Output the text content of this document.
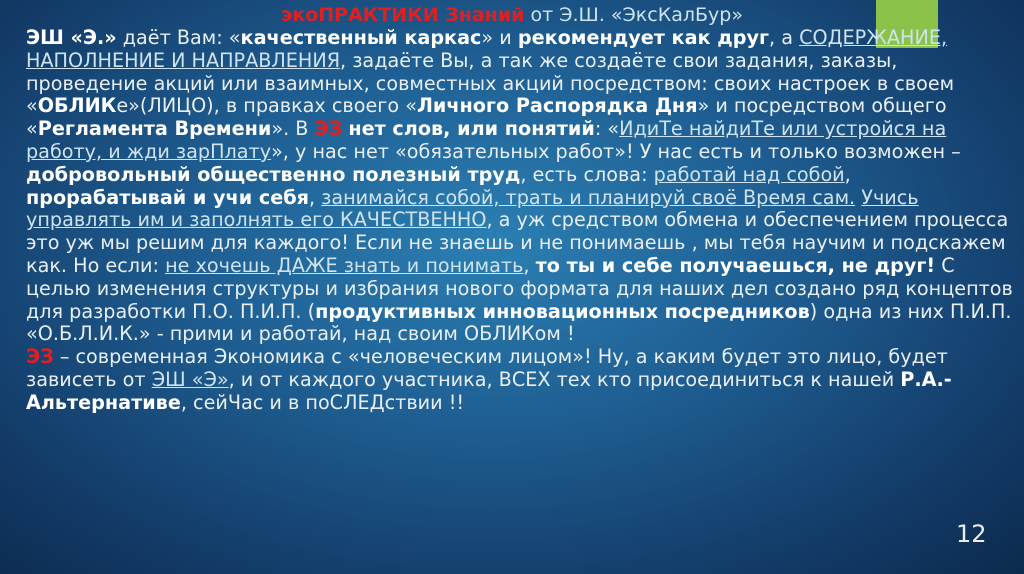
экоПРАКТИКИ Знаний от Э.Ш. «ЭксКалБур»

ЭШ «Э.» даёт Вам: «качественный каркас» и рекомендует как друг, а СОДЕРЖАНИЕ, НАПОЛНЕНИЕ И НАПРАВЛЕНИЯ, задаёте Вы, а так же создаёте свои задания, заказы, проведение акций или взаимных, совместных акций посредством: своих настроек в своем «ОБЛИКе»(ЛИЦО), в правках своего «Личного Распорядка Дня» и посредством общего «Регламента Времени». В ЭЗ нет слов, или понятий: «ИдиТе найдиТе или устройся на работу, и жди зарПлату», у нас нет «обязательных работ»! У нас есть и только возможен – добровольный общественно полезный труд, есть слова: работай над собой, прорабатывай и учи себя, занимайся собой, трать и планируй своё Время сам. Учись управлять им и заполнять его КАЧЕСТВЕННО, а уж средством обмена и обеспечением процесса это уж мы решим для каждого! Если не знаешь и не понимаешь , мы тебя научим и подскажем как. Но если: не хочешь ДАЖЕ знать и понимать, то ты и себе получаешься, не друг! С целью изменения структуры и избрания нового формата для наших дел создано ряд концептов для разработки П.О. П.И.П. (продуктивных инновационных посредников) одна из них П.И.П. «О.Б.Л.И.К.» - прими и работай, над своим ОБЛИКом !

ЭЗ – современная Экономика с «человеческим лицом»! Ну, а каким будет это лицо, будет зависеть от ЭШ «Э», и от каждого участника, ВСЕХ тех кто присоединиться к нашей Р.А.- Альтернативе, сейЧас и в поСЛЕДствии !!

12
